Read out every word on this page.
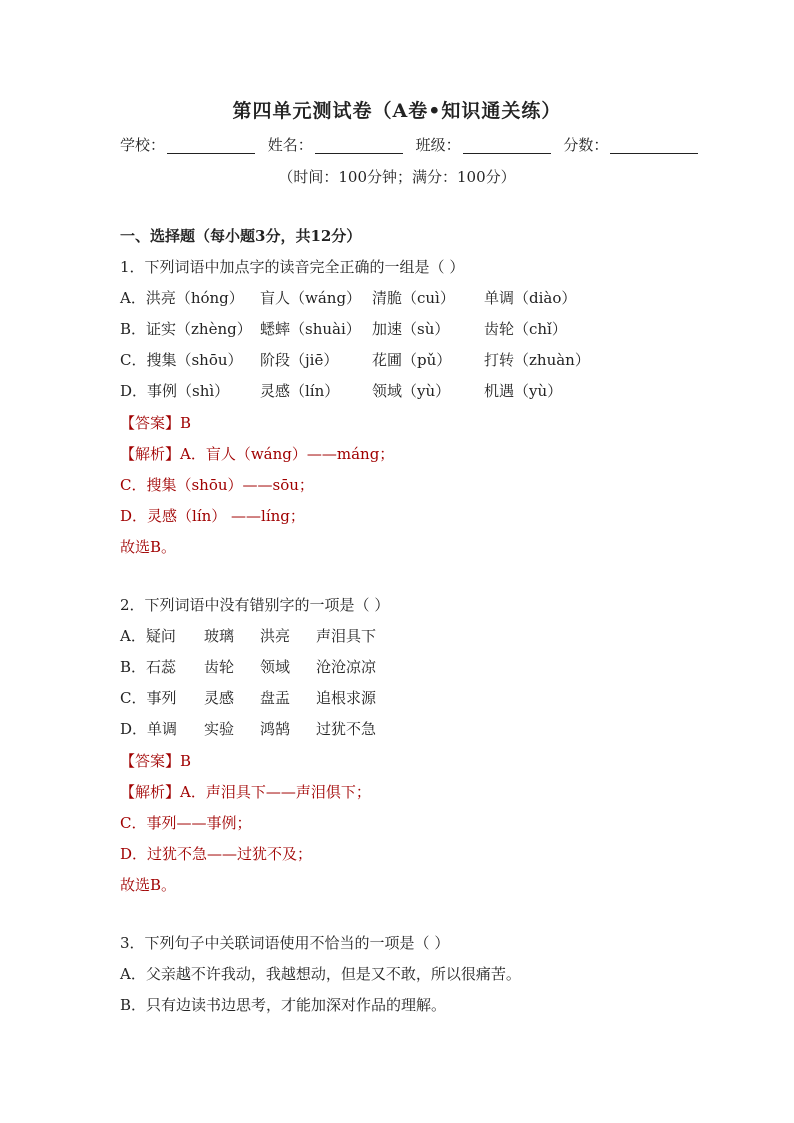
第四单元测试卷（A卷•知识通关练）
学校：	姓名：	班级：	分数：
（时间：100分钟；满分：100分）
一、选择题（每小题3分，共12分）
1．下列词语中加点字的读音完全正确的一组是（ ）
A．洪亮（hóng） 盲人（wáng） 清脆（cuì） 单调（diào）
B．证实（zhèng） 蟋蟀（shuài） 加速（sù） 齿轮（chǐ）
C．搜集（shōu） 阶段（jiē） 花圃（pǔ） 打转（zhuàn）
D．事例（shì） 灵感（lín） 领域（yù） 机遇（yù）
【答案】B
【解析】A．盲人（wáng）——máng；
C．搜集（shōu）——sōu；
D．灵感（lín） ——líng；
故选B。
2．下列词语中没有错别字的一项是（ ）
A．疑问 玻璃 洪亮 声泪具下
B．石蕊 齿轮 领域 沧沧凉凉
C．事列 灵感 盘盂 追根求源
D．单调 实验 鸿鹄 过犹不急
【答案】B
【解析】A．声泪具下——声泪俱下；
C．事列——事例；
D．过犹不急——过犹不及；
故选B。
3．下列句子中关联词语使用不恰当的一项是（ ）
A．父亲越不许我动，我越想动，但是又不敢，所以很痛苦。
B．只有边读书边思考，才能加深对作品的理解。
